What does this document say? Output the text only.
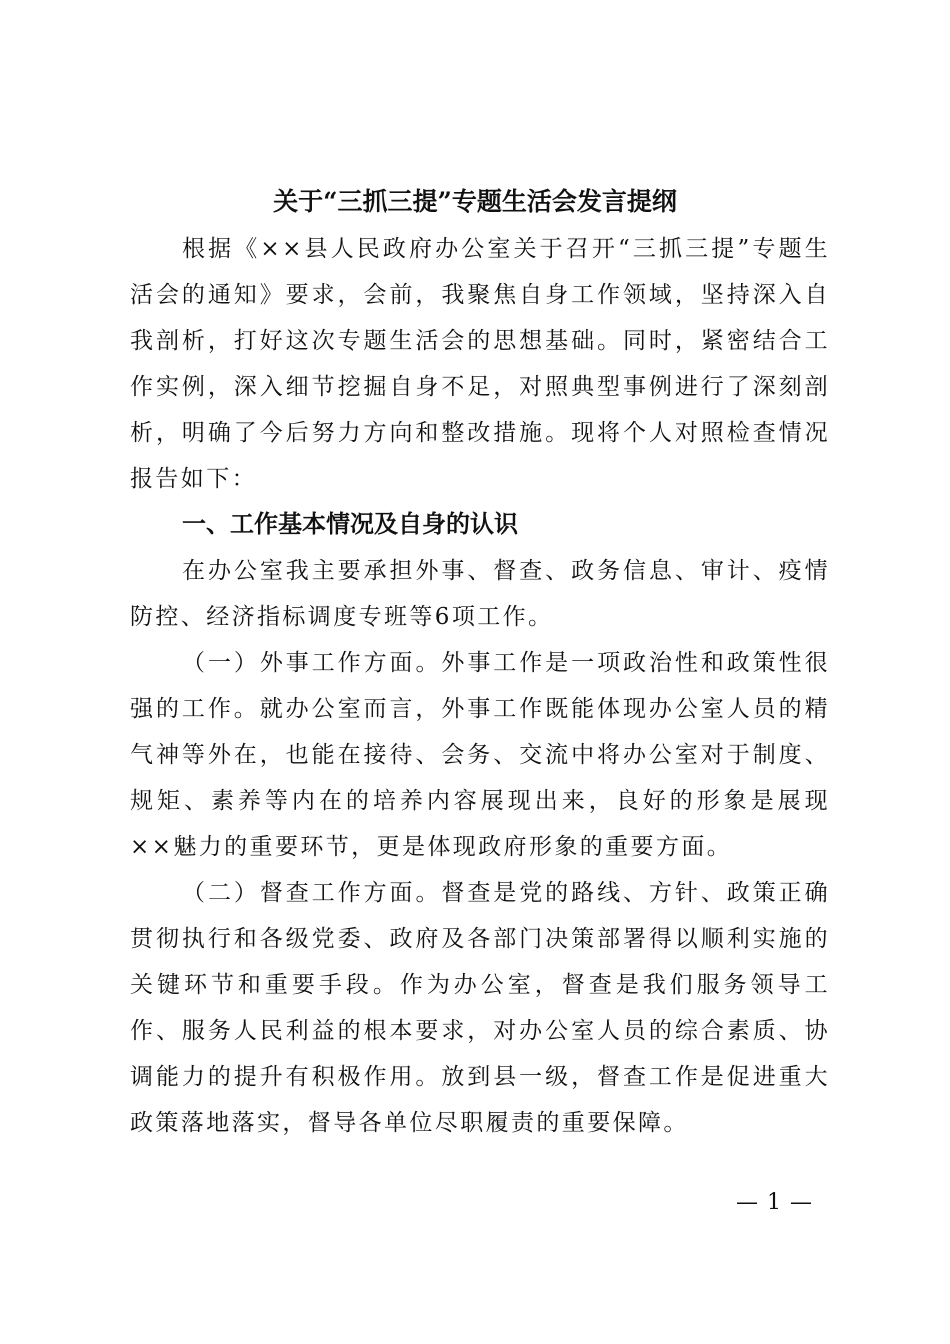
关于“三抓三提”专题生活会发言提纲

根据《××县人民政府办公室关于召开“三抓三提”专题生活会的通知》要求，会前，我聚焦自身工作领域，坚持深入自我剖析，打好这次专题生活会的思想基础。同时，紧密结合工作实例，深入细节挖掘自身不足，对照典型事例进行了深刻剖析，明确了今后努力方向和整改措施。现将个人对照检查情况报告如下：

一、工作基本情况及自身的认识

在办公室我主要承担外事、督查、政务信息、审计、疫情防控、经济指标调度专班等6项工作。

（一）外事工作方面。外事工作是一项政治性和政策性很强的工作。就办公室而言，外事工作既能体现办公室人员的精气神等外在，也能在接待、会务、交流中将办公室对于制度、规矩、素养等内在的培养内容展现出来，良好的形象是展现××魅力的重要环节，更是体现政府形象的重要方面。

（二）督查工作方面。督查是党的路线、方针、政策正确贯彻执行和各级党委、政府及各部门决策部署得以顺利实施的关键环节和重要手段。作为办公室，督查是我们服务领导工作、服务人民利益的根本要求，对办公室人员的综合素质、协调能力的提升有积极作用。放到县一级，督查工作是促进重大政策落地落实，督导各单位尽职履责的重要保障。

— 1 —
